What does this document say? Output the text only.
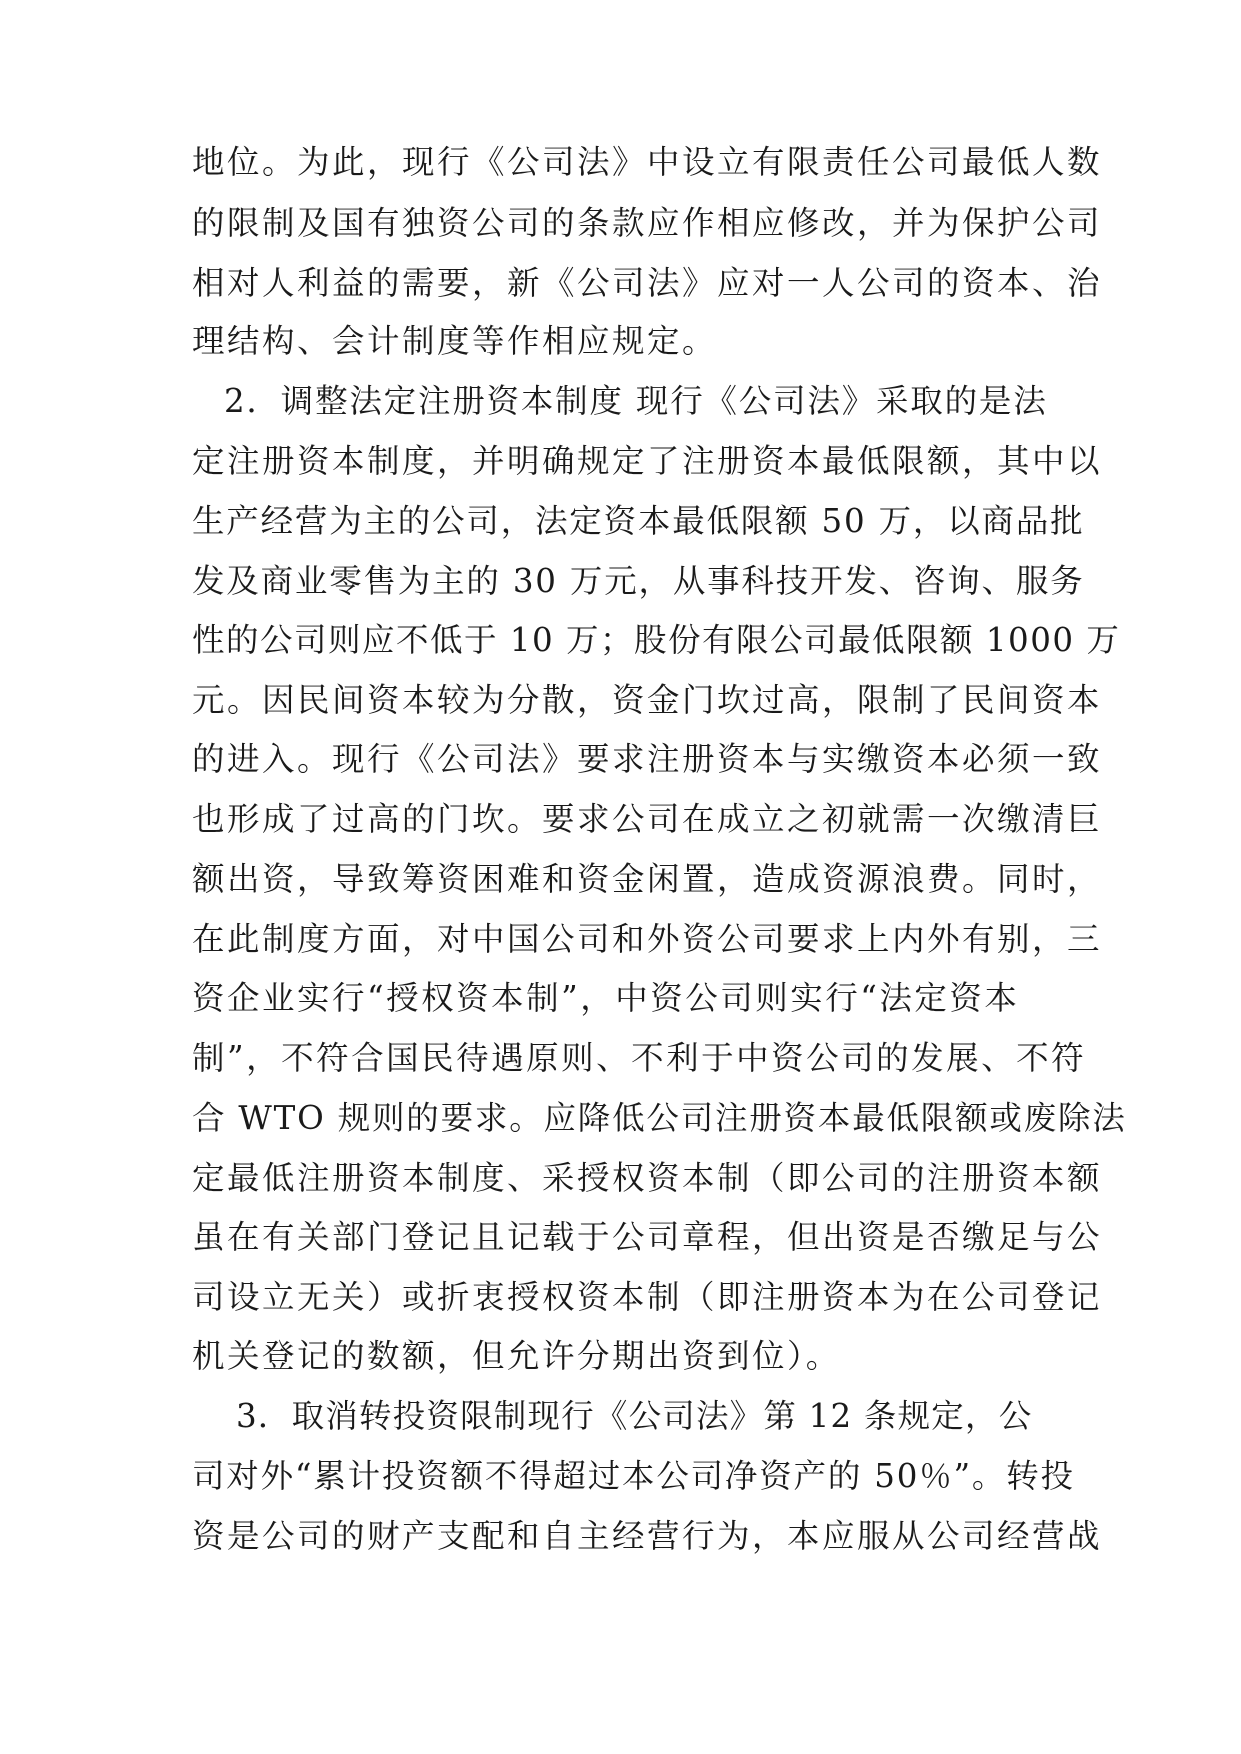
地位。为此，现行《公司法》中设立有限责任公司最低人数
的限制及国有独资公司的条款应作相应修改，并为保护公司
相对人利益的需要，新《公司法》应对一人公司的资本、治
理结构、会计制度等作相应规定。
2．调整法定注册资本制度 现行《公司法》采取的是法
定注册资本制度，并明确规定了注册资本最低限额，其中以
生产经营为主的公司，法定资本最低限额 50 万，以商品批
发及商业零售为主的 30 万元，从事科技开发、咨询、服务
性的公司则应不低于 10 万；股份有限公司最低限额 1000 万
元。因民间资本较为分散，资金门坎过高，限制了民间资本
的进入。现行《公司法》要求注册资本与实缴资本必须一致
也形成了过高的门坎。要求公司在成立之初就需一次缴清巨
额出资，导致筹资困难和资金闲置，造成资源浪费。同时，
在此制度方面，对中国公司和外资公司要求上内外有别，三
资企业实行“授权资本制”，中资公司则实行“法定资本
制”，不符合国民待遇原则、不利于中资公司的发展、不符
合 WTO 规则的要求。应降低公司注册资本最低限额或废除法
定最低注册资本制度、采授权资本制（即公司的注册资本额
虽在有关部门登记且记载于公司章程，但出资是否缴足与公
司设立无关）或折衷授权资本制（即注册资本为在公司登记
机关登记的数额，但允许分期出资到位）。
3．取消转投资限制现行《公司法》第 12 条规定，公
司对外“累计投资额不得超过本公司净资产的 50％”。转投
资是公司的财产支配和自主经营行为，本应服从公司经营战
